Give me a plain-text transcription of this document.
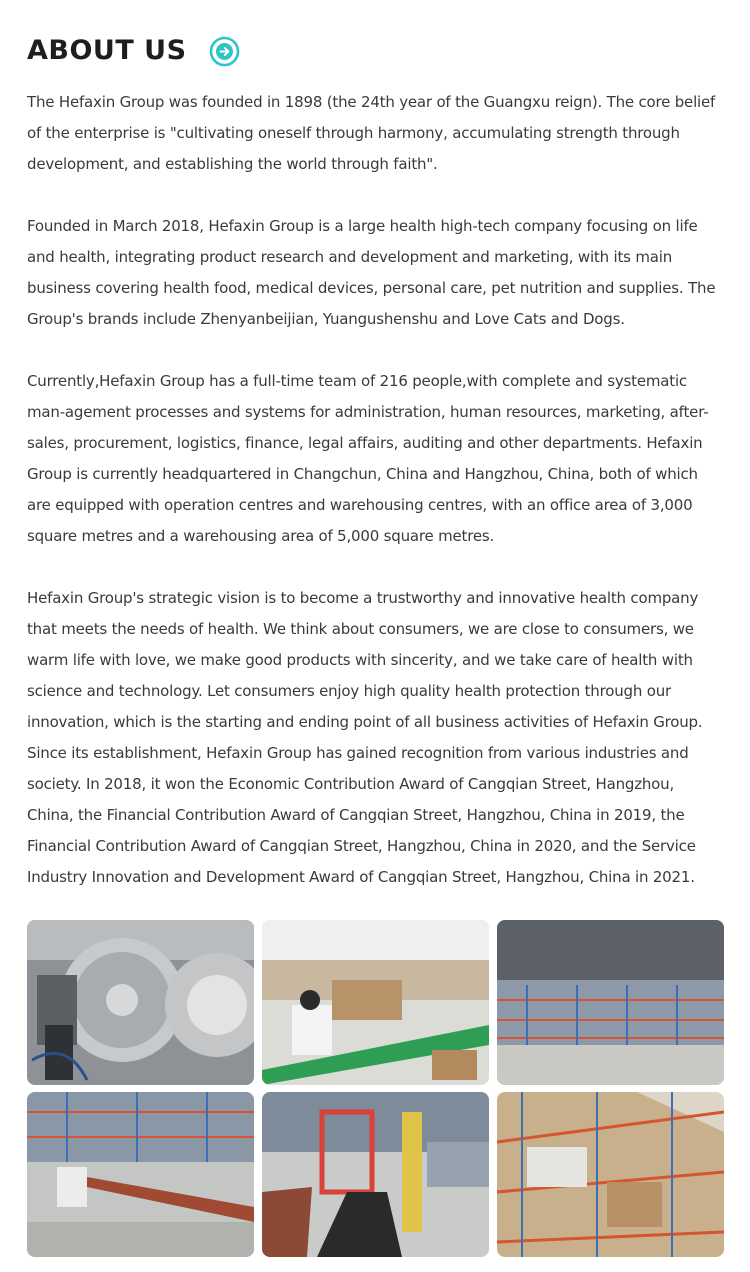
ABOUT US

The Hefaxin Group was founded in 1898 (the 24th year of the Guangxu reign). The core belief of the enterprise is "cultivating oneself through harmony, accumulating strength through development, and establishing the world through faith".

Founded in March 2018, Hefaxin Group is a large health high-tech company focusing on life and health, integrating product research and development and marketing, with its main business covering health food, medical devices, personal care, pet nutrition and supplies. The Group's brands include Zhenyanbeijian, Yuangushenshu and Love Cats and Dogs.

Currently,Hefaxin Group has a full-time team of 216 people,with complete and systematic man-agement processes and systems for administration, human resources, marketing, after-sales, procurement, logistics, finance, legal affairs, auditing and other departments. Hefaxin Group is currently headquartered in Changchun, China and Hangzhou, China, both of which are equipped with operation centres and warehousing centres, with an office area of 3,000 square metres and a warehousing area of 5,000 square metres.

Hefaxin Group's strategic vision is to become a trustworthy and innovative health company that meets the needs of health. We think about consumers, we are close to consumers, we warm life with love, we make good products with sincerity, and we take care of health with science and technology. Let consumers enjoy high quality health protection through our innovation, which is the starting and ending point of all business activities of Hefaxin Group. Since its establishment, Hefaxin Group has gained recognition from various industries and society. In 2018, it won the Economic Contribution Award of Cangqian Street, Hangzhou, China, the Financial Contribution Award of Cangqian Street, Hangzhou, China in 2019, the Financial Contribution Award of Cangqian Street, Hangzhou, China in 2020, and the Service Industry Innovation and Development Award of Cangqian Street, Hangzhou, China in 2021.
